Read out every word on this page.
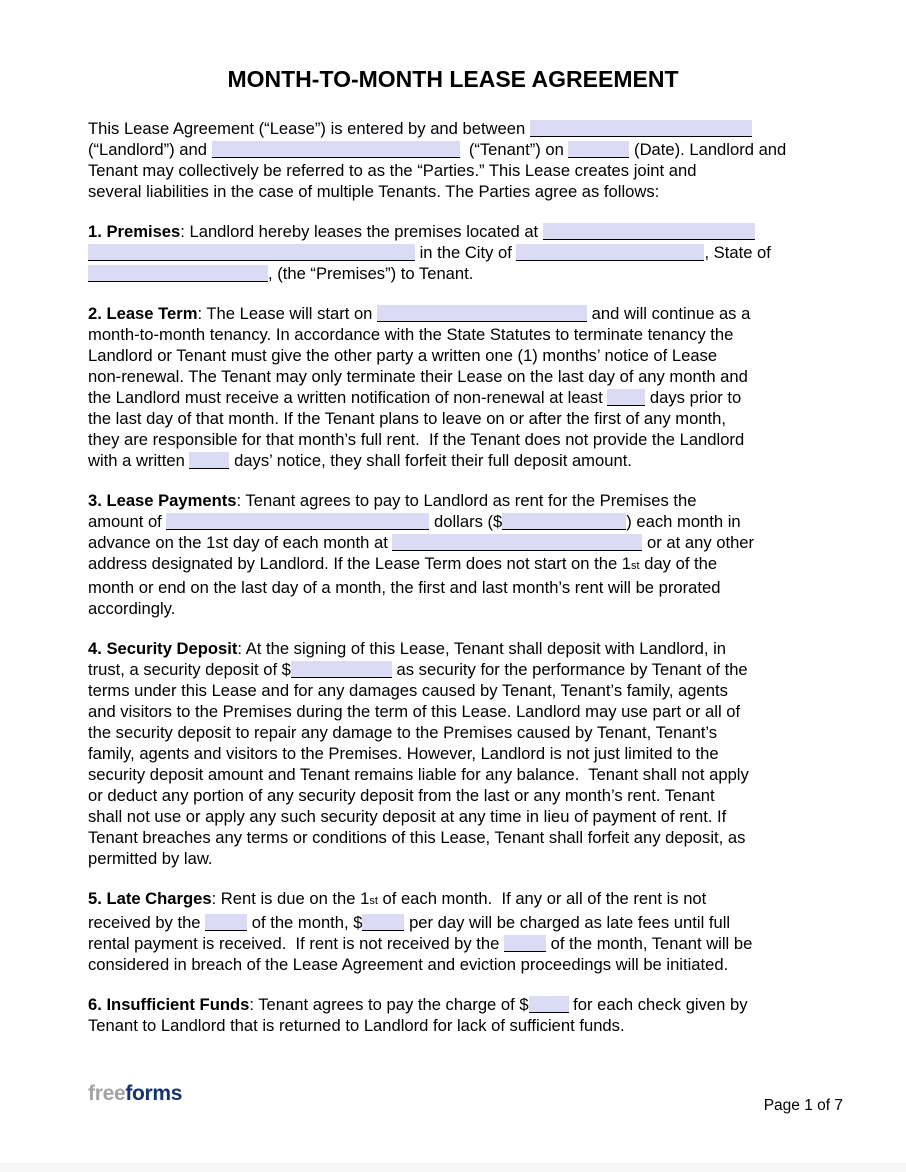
MONTH-TO-MONTH LEASE AGREEMENT
This Lease Agreement (“Lease”) is entered by and between
(“Landlord”) and	(“Tenant”) on	(Date). Landlord and
Tenant may collectively be referred to as the “Parties.” This Lease creates joint and
several liabilities in the case of multiple Tenants. The Parties agree as follows:
1. Premises: Landlord hereby leases the premises located at
in the City of	, State of
, (the “Premises”) to Tenant.
2. Lease Term: The Lease will start on	and will continue as a
month-to-month tenancy. In accordance with the State Statutes to terminate tenancy the
Landlord or Tenant must give the other party a written one (1) months’ notice of Lease
non-renewal. The Tenant may only terminate their Lease on the last day of any month and
the Landlord must receive a written notification of non-renewal at least  days prior to
the last day of that month. If the Tenant plans to leave on or after the first of any month,
they are responsible for that month’s full rent.  If the Tenant does not provide the Landlord
with a written  days’ notice, they shall forfeit their full deposit amount.
3. Lease Payments: Tenant agrees to pay to Landlord as rent for the Premises the
amount of	dollars ($	) each month in
advance on the 1st day of each month at	or at any other
address designated by Landlord. If the Lease Term does not start on the 1st day of the
month or end on the last day of a month, the first and last month’s rent will be prorated
accordingly.
4. Security Deposit: At the signing of this Lease, Tenant shall deposit with Landlord, in
trust, a security deposit of $	as security for the performance by Tenant of the
terms under this Lease and for any damages caused by Tenant, Tenant’s family, agents
and visitors to the Premises during the term of this Lease. Landlord may use part or all of
the security deposit to repair any damage to the Premises caused by Tenant, Tenant’s
family, agents and visitors to the Premises. However, Landlord is not just limited to the
security deposit amount and Tenant remains liable for any balance.  Tenant shall not apply
or deduct any portion of any security deposit from the last or any month’s rent. Tenant
shall not use or apply any such security deposit at any time in lieu of payment of rent. If
Tenant breaches any terms or conditions of this Lease, Tenant shall forfeit any deposit, as
permitted by law.
5. Late Charges: Rent is due on the 1st of each month.  If any or all of the rent is not
received by the	of the month, $	per day will be charged as late fees until full
rental payment is received.  If rent is not received by the	of the month, Tenant will be
considered in breach of the Lease Agreement and eviction proceedings will be initiated.
6. Insufficient Funds: Tenant agrees to pay the charge of $ for each check given by
Tenant to Landlord that is returned to Landlord for lack of sufficient funds.
freeforms
Page 1 of 7
